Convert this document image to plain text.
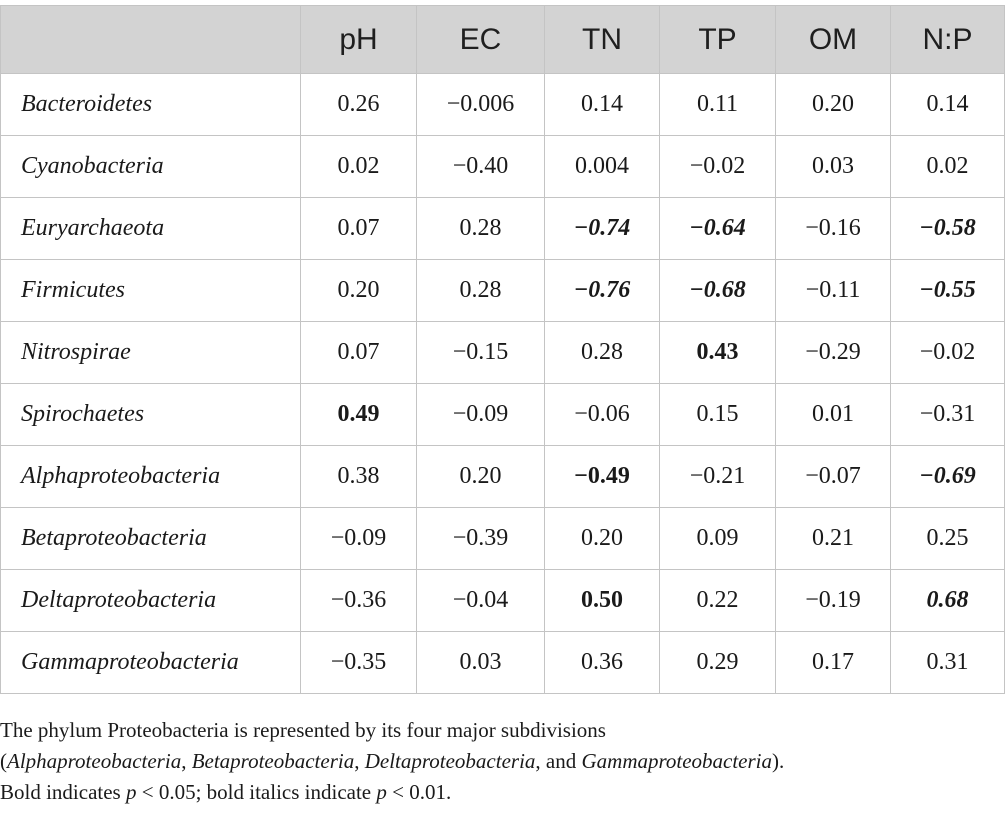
	pH	EC	TN	TP	OM	N:P
Bacteroidetes	0.26	−0.006	0.14	0.11	0.20	0.14
Cyanobacteria	0.02	−0.40	0.004	−0.02	0.03	0.02
Euryarchaeota	0.07	0.28	−0.74	−0.64	−0.16	−0.58
Firmicutes	0.20	0.28	−0.76	−0.68	−0.11	−0.55
Nitrospirae	0.07	−0.15	0.28	0.43	−0.29	−0.02
Spirochaetes	0.49	−0.09	−0.06	0.15	0.01	−0.31
Alphaproteobacteria	0.38	0.20	−0.49	−0.21	−0.07	−0.69
Betaproteobacteria	−0.09	−0.39	0.20	0.09	0.21	0.25
Deltaproteobacteria	−0.36	−0.04	0.50	0.22	−0.19	0.68
Gammaproteobacteria	−0.35	0.03	0.36	0.29	0.17	0.31

The phylum Proteobacteria is represented by its four major subdivisions
(Alphaproteobacteria, Betaproteobacteria, Deltaproteobacteria, and Gammaproteobacteria).
Bold indicates p < 0.05; bold italics indicate p < 0.01.
